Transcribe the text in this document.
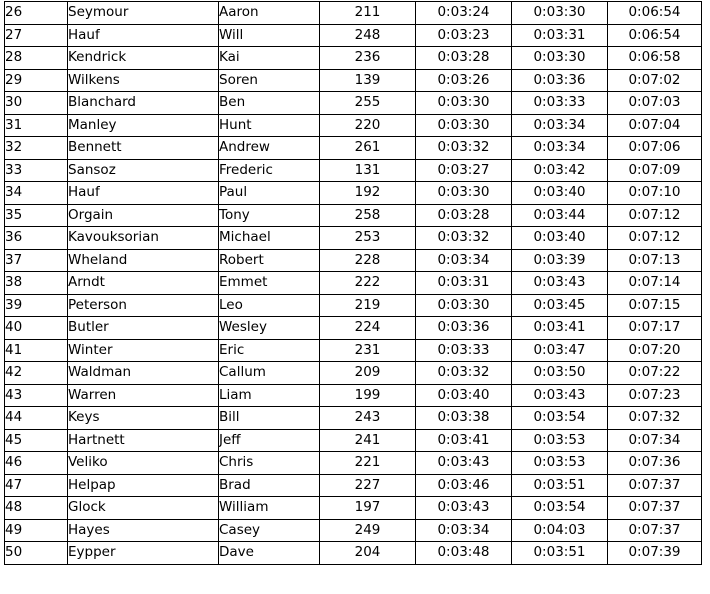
26	Seymour	Aaron	211	0:03:24	0:03:30	0:06:54
27	Hauf	Will	248	0:03:23	0:03:31	0:06:54
28	Kendrick	Kai	236	0:03:28	0:03:30	0:06:58
29	Wilkens	Soren	139	0:03:26	0:03:36	0:07:02
30	Blanchard	Ben	255	0:03:30	0:03:33	0:07:03
31	Manley	Hunt	220	0:03:30	0:03:34	0:07:04
32	Bennett	Andrew	261	0:03:32	0:03:34	0:07:06
33	Sansoz	Frederic	131	0:03:27	0:03:42	0:07:09
34	Hauf	Paul	192	0:03:30	0:03:40	0:07:10
35	Orgain	Tony	258	0:03:28	0:03:44	0:07:12
36	Kavouksorian	Michael	253	0:03:32	0:03:40	0:07:12
37	Wheland	Robert	228	0:03:34	0:03:39	0:07:13
38	Arndt	Emmet	222	0:03:31	0:03:43	0:07:14
39	Peterson	Leo	219	0:03:30	0:03:45	0:07:15
40	Butler	Wesley	224	0:03:36	0:03:41	0:07:17
41	Winter	Eric	231	0:03:33	0:03:47	0:07:20
42	Waldman	Callum	209	0:03:32	0:03:50	0:07:22
43	Warren	Liam	199	0:03:40	0:03:43	0:07:23
44	Keys	Bill	243	0:03:38	0:03:54	0:07:32
45	Hartnett	Jeff	241	0:03:41	0:03:53	0:07:34
46	Veliko	Chris	221	0:03:43	0:03:53	0:07:36
47	Helpap	Brad	227	0:03:46	0:03:51	0:07:37
48	Glock	William	197	0:03:43	0:03:54	0:07:37
49	Hayes	Casey	249	0:03:34	0:04:03	0:07:37
50	Eypper	Dave	204	0:03:48	0:03:51	0:07:39
